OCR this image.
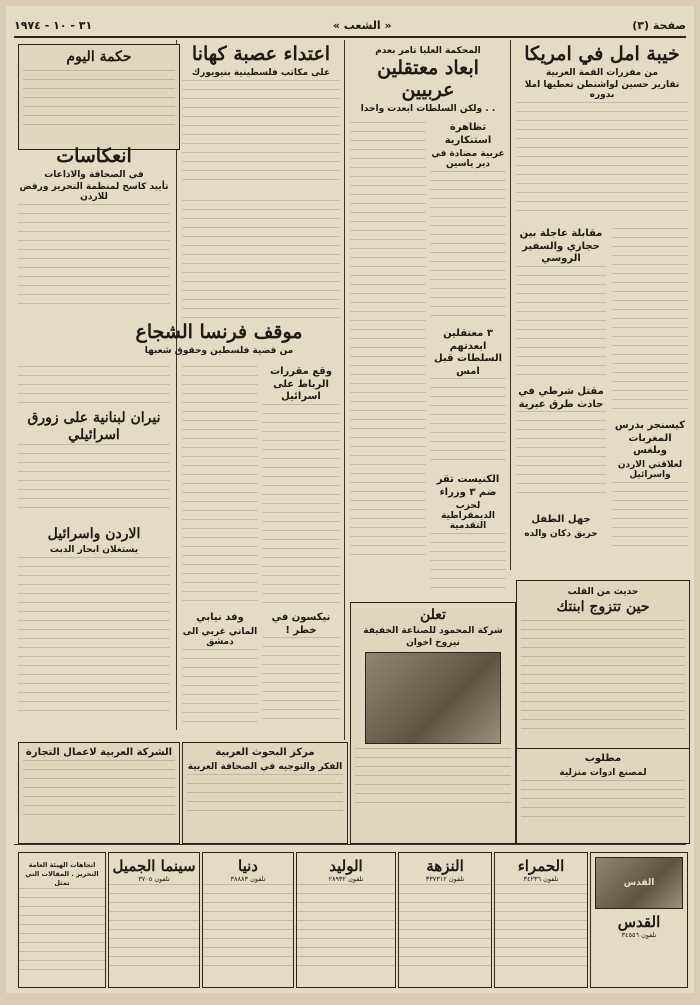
صفحة (٣)
« الشعب »
٣١ - ١٠ - ١٩٧٤
خيبة امل في امريكا
من مقررات القمة العربية
تقارير حسين لواشنطن تعطيها املا بدوره
مقابلة عاجلة بين حجازي والسفير الروسي
مقتل شرطي في حادث طرق عبرية
كيسنجر بدرس المغربات وبلغس
لعلاقتي الاردن واسرائيل
جهل الطفل
حريق دكان والده
المحكمة العليا تامر بعدم
ابعاد معتقلين عربيين
. . ولكن السلطات ابعدت واحدا
تظاهرة استنكارية
عربية مضادة في دير ياسين
٣ معتقلين ابعدتهم السلطات قبل امس
الكنيست تقر ضم ٣ وزراء
لحزب الديمقراطية التقدمية
حديث من القلب
حين تتزوج ابنتك
مطلوب
لمصنع ادوات منزلية
تعلن
شركة المحمود للصناعة الخفيفة
نيروخ اخوان
اعتداء عصبة كهانا
على مكاتب فلسطينية بنيويورك
وقع مقررات الرباط على اسرائيل
نيكسون في خطر !
وفد نيابي
الماني غربي الى دمشق
مركز البحوث العربية
الفكر والتوجيه في الصحافة العربية
موقف فرنسا الشجاع
من قضية فلسطين وحقوق شعبها
حكمة اليوم
انعكاسات
في الصحافة والاذاعات
تأييد كاسح لمنظمة التحرير ورفض للاردن
نيران لبنانية على زورق اسرائيلي
الاردن واسرائيل
يستغلان ابحار الدبت
الشركة العربية لاعمال التجارة
القدس
القدس
تلفون ٣٤٥٥٦
الحمراء
تلفون ٣٤٢٣٦
النزهة
تلفون ٣٣٧٣١٢
الوليد
تلفون ٢٨٩٣٢
دنيا
تلفون ٣٨٨٨٣
سينما الجميل
تلفون ٣٧٠٥
اتجاهات الهيئة العامة التحرير . المقالات التي تمثل
